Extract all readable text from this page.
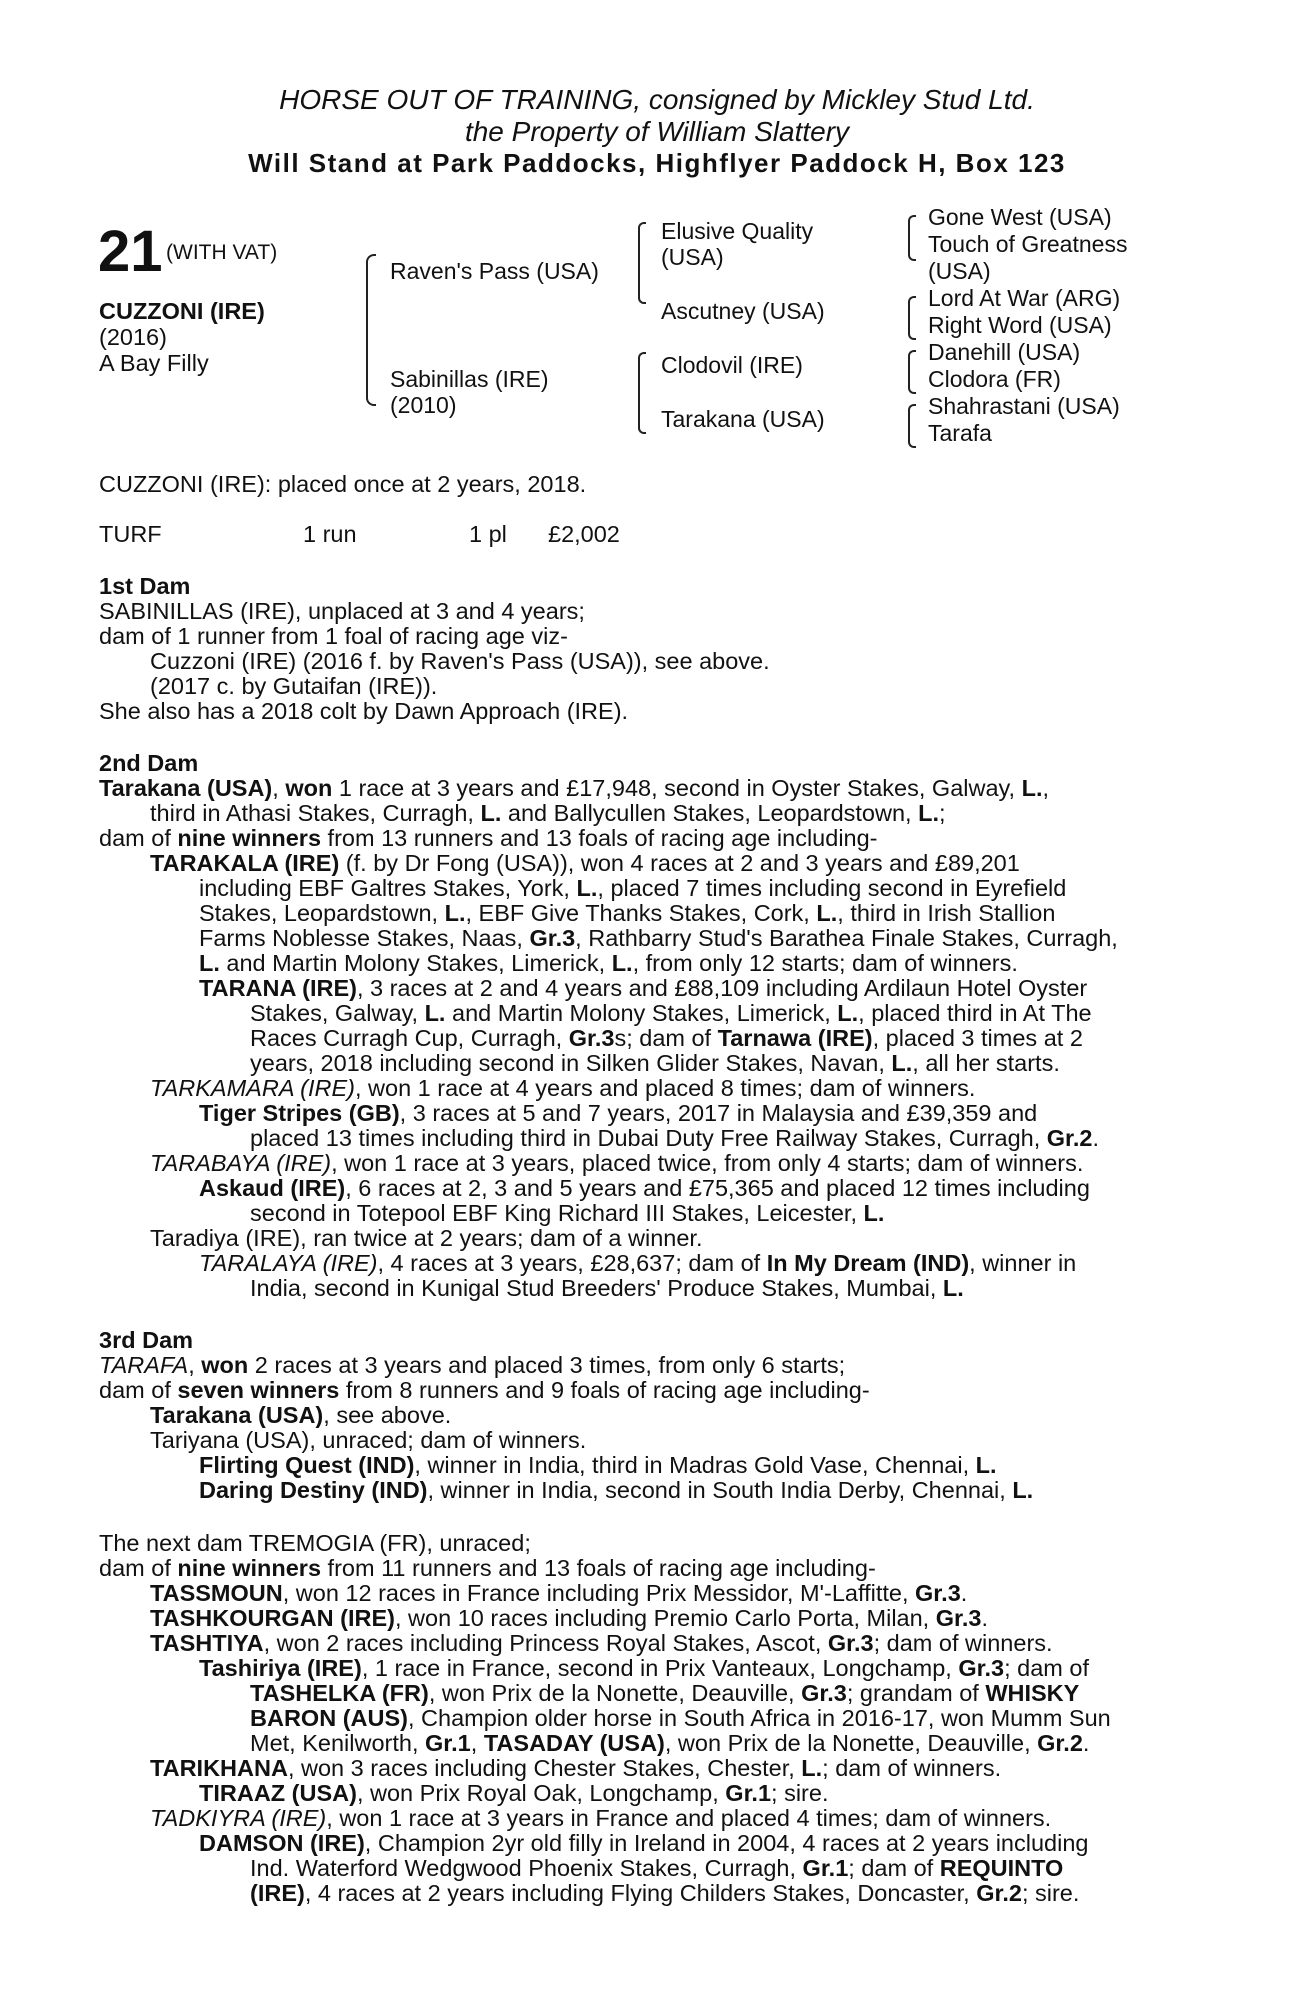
HORSE OUT OF TRAINING, consigned by Mickley Stud Ltd.
the Property of William Slattery
Will Stand at Park Paddocks, Highflyer Paddock H, Box 123
21 (WITH VAT)
CUZZONI (IRE)
(2016)
A Bay Filly
Raven's Pass (USA)
Sabinillas (IRE)
(2010)
Elusive Quality
(USA)
Ascutney (USA)
Clodovil (IRE)
Tarakana (USA)
Gone West (USA)
Touch of Greatness
(USA)
Lord At War (ARG)
Right Word (USA)
Danehill (USA)
Clodora (FR)
Shahrastani (USA)
Tarafa
CUZZONI (IRE): placed once at 2 years, 2018.
TURF	1 run	1 pl £2,002
1st Dam
SABINILLAS (IRE), unplaced at 3 and 4 years;
dam of 1 runner from 1 foal of racing age viz-
Cuzzoni (IRE) (2016 f. by Raven's Pass (USA)), see above.
(2017 c. by Gutaifan (IRE)).
She also has a 2018 colt by Dawn Approach (IRE).
2nd Dam
Tarakana (USA), won 1 race at 3 years and £17,948, second in Oyster Stakes, Galway, L.,
third in Athasi Stakes, Curragh, L. and Ballycullen Stakes, Leopardstown, L.;
dam of nine winners from 13 runners and 13 foals of racing age including-
TARAKALA (IRE) (f. by Dr Fong (USA)), won 4 races at 2 and 3 years and £89,201
including EBF Galtres Stakes, York, L., placed 7 times including second in Eyrefield
Stakes, Leopardstown, L., EBF Give Thanks Stakes, Cork, L., third in Irish Stallion
Farms Noblesse Stakes, Naas, Gr.3, Rathbarry Stud's Barathea Finale Stakes, Curragh,
L. and Martin Molony Stakes, Limerick, L., from only 12 starts; dam of winners.
TARANA (IRE), 3 races at 2 and 4 years and £88,109 including Ardilaun Hotel Oyster
Stakes, Galway, L. and Martin Molony Stakes, Limerick, L., placed third in At The
Races Curragh Cup, Curragh, Gr.3s; dam of Tarnawa (IRE), placed 3 times at 2
years, 2018 including second in Silken Glider Stakes, Navan, L., all her starts.
TARKAMARA (IRE), won 1 race at 4 years and placed 8 times; dam of winners.
Tiger Stripes (GB), 3 races at 5 and 7 years, 2017 in Malaysia and £39,359 and
placed 13 times including third in Dubai Duty Free Railway Stakes, Curragh, Gr.2.
TARABAYA (IRE), won 1 race at 3 years, placed twice, from only 4 starts; dam of winners.
Askaud (IRE), 6 races at 2, 3 and 5 years and £75,365 and placed 12 times including
second in Totepool EBF King Richard III Stakes, Leicester, L.
Taradiya (IRE), ran twice at 2 years; dam of a winner.
TARALAYA (IRE), 4 races at 3 years, £28,637; dam of In My Dream (IND), winner in
India, second in Kunigal Stud Breeders' Produce Stakes, Mumbai, L.
3rd Dam
TARAFA, won 2 races at 3 years and placed 3 times, from only 6 starts;
dam of seven winners from 8 runners and 9 foals of racing age including-
Tarakana (USA), see above.
Tariyana (USA), unraced; dam of winners.
Flirting Quest (IND), winner in India, third in Madras Gold Vase, Chennai, L.
Daring Destiny (IND), winner in India, second in South India Derby, Chennai, L.
The next dam TREMOGIA (FR), unraced;
dam of nine winners from 11 runners and 13 foals of racing age including-
TASSMOUN, won 12 races in France including Prix Messidor, M'-Laffitte, Gr.3.
TASHKOURGAN (IRE), won 10 races including Premio Carlo Porta, Milan, Gr.3.
TASHTIYA, won 2 races including Princess Royal Stakes, Ascot, Gr.3; dam of winners.
Tashiriya (IRE), 1 race in France, second in Prix Vanteaux, Longchamp, Gr.3; dam of
TASHELKA (FR), won Prix de la Nonette, Deauville, Gr.3; grandam of WHISKY
BARON (AUS), Champion older horse in South Africa in 2016-17, won Mumm Sun
Met, Kenilworth, Gr.1, TASADAY (USA), won Prix de la Nonette, Deauville, Gr.2.
TARIKHANA, won 3 races including Chester Stakes, Chester, L.; dam of winners.
TIRAAZ (USA), won Prix Royal Oak, Longchamp, Gr.1; sire.
TADKIYRA (IRE), won 1 race at 3 years in France and placed 4 times; dam of winners.
DAMSON (IRE), Champion 2yr old filly in Ireland in 2004, 4 races at 2 years including
Ind. Waterford Wedgwood Phoenix Stakes, Curragh, Gr.1; dam of REQUINTO
(IRE), 4 races at 2 years including Flying Childers Stakes, Doncaster, Gr.2; sire.
